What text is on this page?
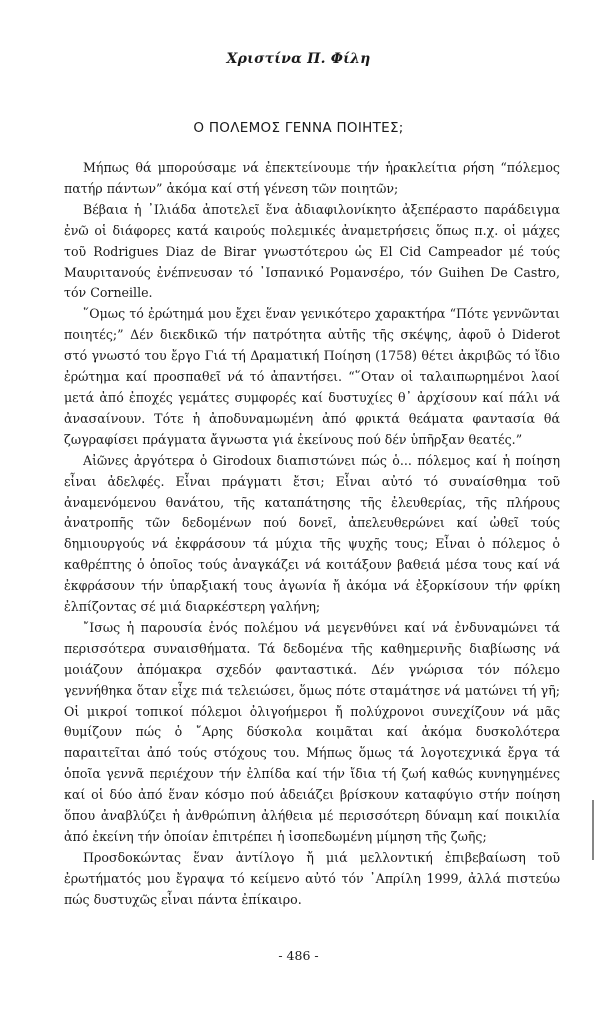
Χριστίνα Π. Φίλη
Ο ΠΟΛΕΜΟΣ ΓΕΝΝΑ ΠΟΙΗΤΕΣ;

Μήπως θά μπορούσαμε νά ἐπεκτείνουμε τήν ἡρακλείτια ρήση “πόλεμος πατήρ πάντων” ἀκόμα καί στή γένεση τῶν ποιητῶν;

Βέβαια ἡ ᾿Ιλιάδα ἀποτελεῖ ἕνα ἀδιαφιλονίκητο ἀξεπέραστο παράδειγμα ἐνῶ οἱ διάφορες κατά καιρούς πολεμικές ἀναμετρήσεις ὅπως π.χ. οἱ μάχες τοῦ Rodrigues Diaz de Birar γνωστότερου ὡς El Cid Campeador μέ τούς Μαυριτανούς ἐνέπνευσαν τό ᾿Ισπανικό Ρομανσέρο, τόν Guihen De Castro, τόν Corneille.

῞Ομως τό ἐρώτημά μου ἔχει ἕναν γενικότερο χαρακτήρα “Πότε γεννῶνται ποιητές;” Δέν διεκδικῶ τήν πατρότητα αὐτῆς τῆς σκέψης, ἀφοῦ ὁ Diderot στό γνωστό του ἔργο Γιά τή Δραματική Ποίηση (1758) θέτει ἀκριβῶς τό ἴδιο ἐρώτημα καί προσπαθεῖ νά τό ἀπαντήσει. “῞Οταν οἱ ταλαιπωρημένοι λαοί μετά ἀπό ἐποχές γεμάτες συμφορές καί δυστυχίες θ᾿ ἀρχίσουν καί πάλι νά ἀνασαίνουν. Τότε ἡ ἀποδυναμωμένη ἀπό φρικτά θεάματα φαντασία θά ζωγραφίσει πράγματα ἄγνωστα γιά ἐκείνους πού δέν ὑπῆρξαν θεατές.”

Αἰῶνες ἀργότερα ὁ Girodoux διαπιστώνει πώς ὁ... πόλεμος καί ἡ ποίηση εἶναι ἀδελφές. Εἶναι πράγματι ἔτσι; Εἶναι αὐτό τό συναίσθημα τοῦ ἀναμενόμενου θανάτου, τῆς καταπάτησης τῆς ἐλευθερίας, τῆς πλήρους ἀνατροπῆς τῶν δεδομένων πού δονεῖ, ἀπελευθερώνει καί ὠθεῖ τούς δημιουργούς νά ἐκφράσουν τά μύχια τῆς ψυχῆς τους; Εἶναι ὁ πόλεμος ὁ καθρέπτης ὁ ὁποῖος τούς ἀναγκάζει νά κοιτάξουν βαθειά μέσα τους καί νά ἐκφράσουν τήν ὑπαρξιακή τους ἀγωνία ἤ ἀκόμα νά ἐξορκίσουν τήν φρίκη ἐλπίζοντας σέ μιά διαρκέστερη γαλήνη;

῎Ισως ἡ παρουσία ἑνός πολέμου νά μεγενθύνει καί νά ἐνδυναμώνει τά περισσότερα συναισθήματα. Τά δεδομένα τῆς καθημερινῆς διαβίωσης νά μοιάζουν ἀπόμακρα σχεδόν φανταστικά. Δέν γνώρισα τόν πόλεμο γεννήθηκα ὅταν εἶχε πιά τελειώσει, ὅμως πότε σταμάτησε νά ματώνει τή γῆ; Οἱ μικροί τοπικοί πόλεμοι ὀλιγοήμεροι ἤ πολύχρονοι συνεχίζουν νά μᾶς θυμίζουν πώς ὁ ῎Αρης δύσκολα κοιμᾶται καί ἀκόμα δυσκολότερα παραιτεῖται ἀπό τούς στόχους του. Μήπως ὅμως τά λογοτεχνικά ἔργα τά ὁποῖα γεννᾶ περιέχουν τήν ἐλπίδα καί τήν ἴδια τή ζωή καθώς κυνηγημένες καί οἱ δύο ἀπό ἕναν κόσμο πού ἀδειάζει βρίσκουν καταφύγιο στήν ποίηση ὅπου ἀναβλύζει ἡ ἀνθρώπινη ἀλήθεια μέ περισσότερη δύναμη καί ποικιλία ἀπό ἐκείνη τήν ὁποίαν ἐπιτρέπει ἡ ἰσοπεδωμένη μίμηση τῆς ζωῆς;

Προσδοκώντας ἕναν ἀντίλογο ἤ μιά μελλοντική ἐπιβεβαίωση τοῦ ἐρωτήματός μου ἔγραψα τό κείμενο αὐτό τόν ᾿Απρίλη 1999, ἀλλά πιστεύω πώς δυστυχῶς εἶναι πάντα ἐπίκαιρο.

- 486 -
